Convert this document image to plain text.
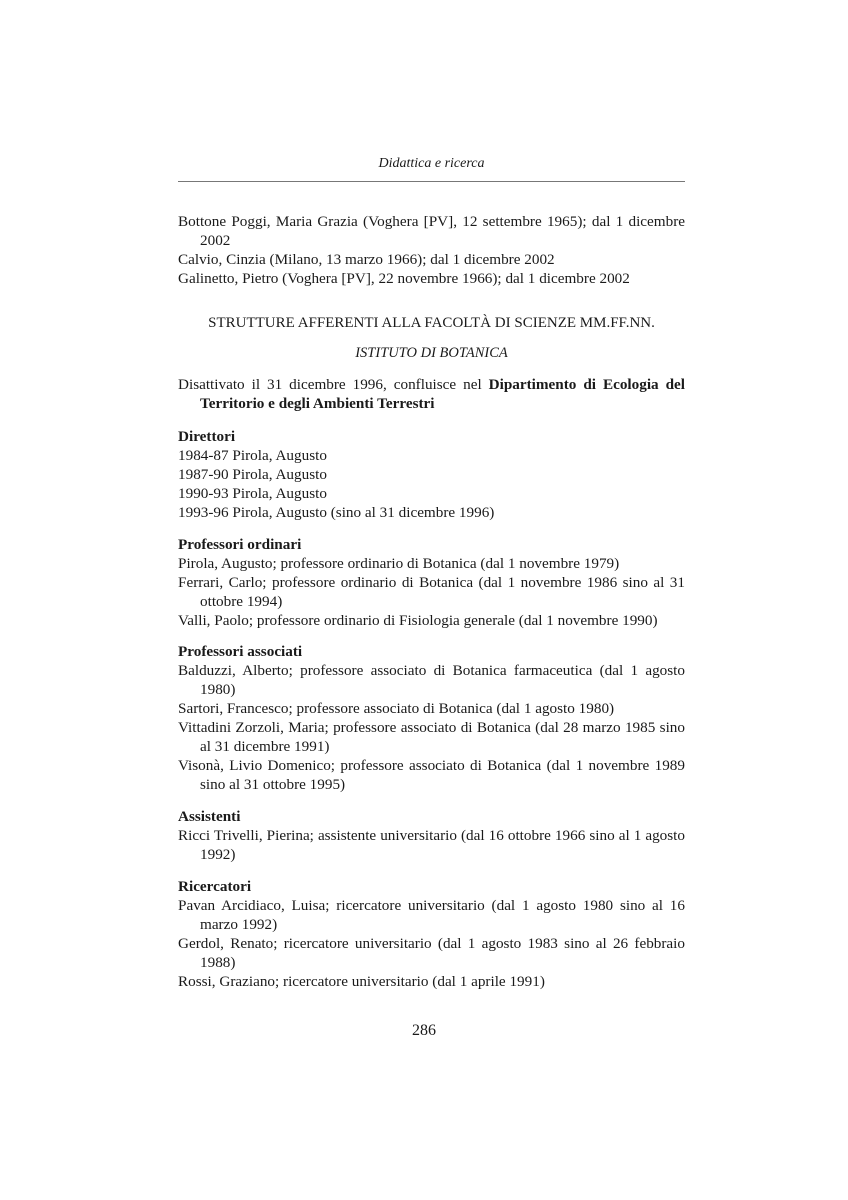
Didattica e ricerca

Bottone Poggi, Maria Grazia (Voghera [PV], 12 settembre 1965); dal 1 dicembre 2002

Calvio, Cinzia (Milano, 13 marzo 1966); dal 1 dicembre 2002

Galinetto, Pietro (Voghera [PV], 22 novembre 1966); dal 1 dicembre 2002

STRUTTURE AFFERENTI ALLA FACOLTÀ DI SCIENZE MM.FF.NN.
ISTITUTO DI BOTANICA

Disattivato il 31 dicembre 1996, confluisce nel Dipartimento di Ecologia del Territorio e degli Ambienti Terrestri

Direttori

1984-87 Pirola, Augusto

1987-90 Pirola, Augusto

1990-93 Pirola, Augusto

1993-96 Pirola, Augusto (sino al 31 dicembre 1996)

Professori ordinari

Pirola, Augusto; professore ordinario di Botanica (dal 1 novembre 1979)

Ferrari, Carlo; professore ordinario di Botanica (dal 1 novembre 1986 sino al 31 ottobre 1994)

Valli, Paolo; professore ordinario di Fisiologia generale (dal 1 novembre 1990)

Professori associati

Balduzzi, Alberto; professore associato di Botanica farmaceutica (dal 1 agosto 1980)

Sartori, Francesco; professore associato di Botanica (dal 1 agosto 1980)

Vittadini Zorzoli, Maria; professore associato di Botanica (dal 28 marzo 1985 sino al 31 dicembre 1991)

Visonà, Livio Domenico; professore associato di Botanica (dal 1 novembre 1989 sino al 31 ottobre 1995)

Assistenti

Ricci Trivelli, Pierina; assistente universitario (dal 16 ottobre 1966 sino al 1 agosto 1992)

Ricercatori

Pavan Arcidiaco, Luisa; ricercatore universitario (dal 1 agosto 1980 sino al 16 marzo 1992)

Gerdol, Renato; ricercatore universitario (dal 1 agosto 1983 sino al 26 febbraio 1988)

Rossi, Graziano; ricercatore universitario (dal 1 aprile 1991)

286
